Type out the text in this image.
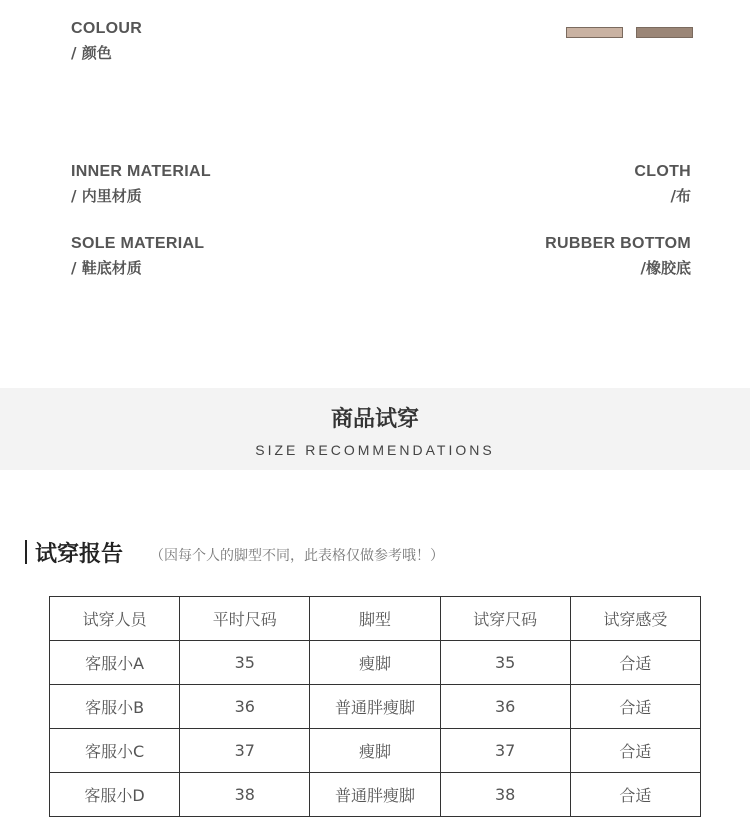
COLOUR
/ 颜色
INNER MATERIAL
/ 内里材质
CLOTH
/布
SOLE MATERIAL
/ 鞋底材质
RUBBER BOTTOM
/橡胶底
商品试穿
SIZE RECOMMENDATIONS
试穿报告 （因每个人的脚型不同，此表格仅做参考哦！）
试穿人员	平时尺码	脚型	试穿尺码	试穿感受
客服小A	35	瘦脚	35	合适
客服小B	36	普通胖瘦脚	36	合适
客服小C	37	瘦脚	37	合适
客服小D	38	普通胖瘦脚	38	合适
